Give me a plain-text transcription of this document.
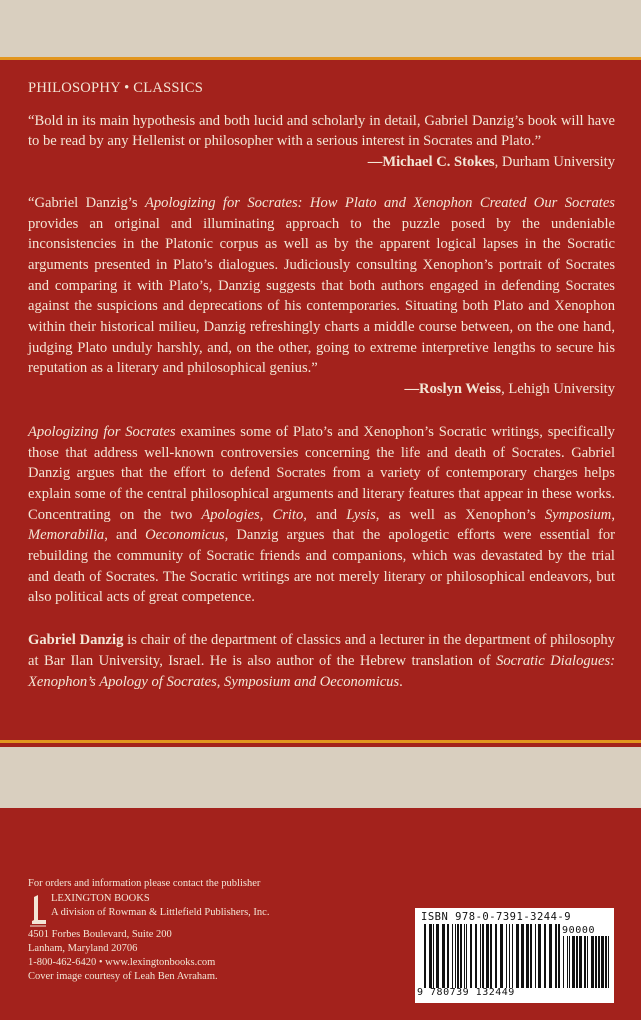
PHILOSOPHY • CLASSICS

“Bold in its main hypothesis and both lucid and scholarly in detail, Gabriel Danzig’s book will have to be read by any Hellenist or philosopher with a serious interest in Socrates and Plato.”

—Michael C. Stokes, Durham University

“Gabriel Danzig’s Apologizing for Socrates: How Plato and Xenophon Created Our Socrates provides an original and illuminating approach to the puzzle posed by the undeniable inconsistencies in the Platonic corpus as well as by the apparent logical lapses in the Socratic arguments presented in Plato’s dialogues. Judiciously consulting Xenophon’s portrait of Socrates and comparing it with Plato’s, Danzig suggests that both authors engaged in defending Socrates against the suspicions and deprecations of his contemporaries. Situating both Plato and Xenophon within their historical milieu, Danzig refreshingly charts a middle course between, on the one hand, judging Plato unduly harshly, and, on the other, going to extreme interpretive lengths to secure his reputation as a literary and philosophical genius.”

—Roslyn Weiss, Lehigh University

Apologizing for Socrates examines some of Plato’s and Xenophon’s Socratic writings, specifically those that address well-known controversies concerning the life and death of Socrates. Gabriel Danzig argues that the effort to defend Socrates from a variety of contemporary charges helps explain some of the central philosophical arguments and literary features that appear in these works. Concentrating on the two Apologies, Crito, and Lysis, as well as Xenophon’s Symposium, Memorabilia, and Oeconomicus, Danzig argues that the apologetic efforts were essential for rebuilding the community of Socratic friends and companions, which was devastated by the trial and death of Socrates. The Socratic writings are not merely literary or philosophical endeavors, but also political acts of great competence.

Gabriel Danzig is chair of the department of classics and a lecturer in the department of philosophy at Bar Ilan University, Israel. He is also author of the Hebrew translation of Socratic Dialogues: Xenophon’s Apology of Socrates, Symposium and Oeconomicus.

For orders and information please contact the publisher
LEXINGTON BOOKS
A division of Rowman & Littlefield Publishers, Inc.
4501 Forbes Boulevard, Suite 200
Lanham, Maryland 20706
1-800-462-6420 • www.lexingtonbooks.com
Cover image courtesy of Leah Ben Avraham.
ISBN 978-0-7391-3244-9
90000
9 780739 132449
